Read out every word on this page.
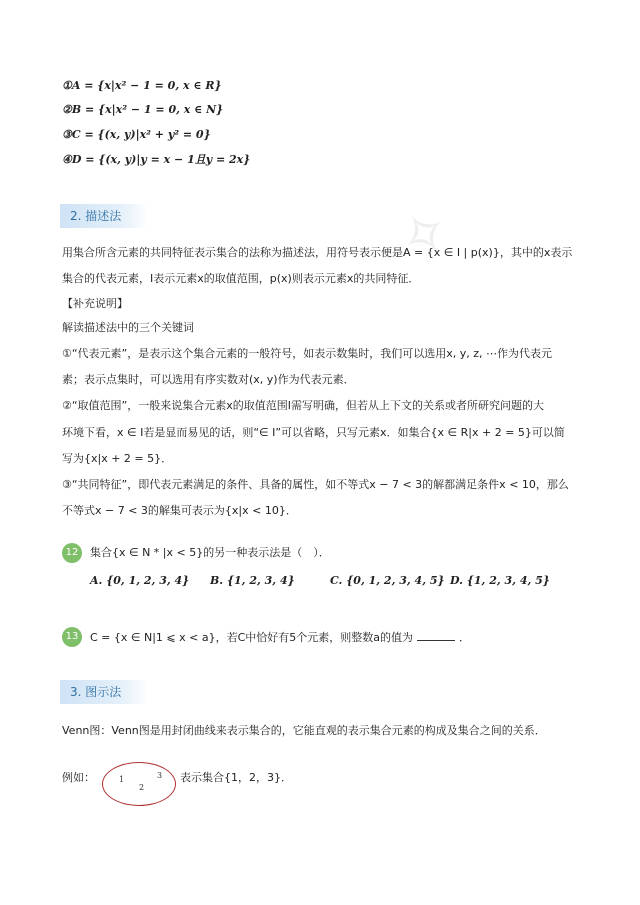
✧
①A = {x|x² − 1 = 0, x ∈ R}
②B = {x|x² − 1 = 0, x ∈ N}
③C = {(x, y)|x² + y² = 0}
④D = {(x, y)|y = x − 1且y = 2x}
2. 描述法
用集合所含元素的共同特征表示集合的法称为描述法，用符号表示便是A = {x ∈ I | p(x)}，其中的x表示
集合的代表元素，I表示元素x的取值范围，p(x)则表示元素x的共同特征．
【补充说明】
解读描述法中的三个关键词
①“代表元素”，是表示这个集合元素的一般符号，如表示数集时，我们可以选用x, y, z, ⋯作为代表元
素；表示点集时，可以选用有序实数对(x, y)作为代表元素．
②“取值范围”，一般来说集合元素x的取值范围I需写明确，但若从上下文的关系或者所研究问题的大
环境下看，x ∈ I若是显而易见的话，则“∈ I”可以省略，只写元素x．如集合{x ∈ R|x + 2 = 5}可以简
写为{x|x + 2 = 5}．
③“共同特征”，即代表元素满足的条件、具备的属性，如不等式x − 7 < 3的解都满足条件x < 10，那么
不等式x − 7 < 3的解集可表示为{x|x < 10}．
12	集合{x ∈ N * |x < 5}的另一种表示法是（　）．
A. {0, 1, 2, 3, 4} B. {1, 2, 3, 4}	C. {0, 1, 2, 3, 4, 5} D. {1, 2, 3, 4, 5}
13	C = {x ∈ N|1 ⩽ x < a}，若C中恰好有5个元素，则整数a的值为	．
3. 图示法
Venn图：Venn图是用封闭曲线来表示集合的，它能直观的表示集合元素的构成及集合之间的关系．
例如：	1
2
3 表示集合{1，2，3}．
